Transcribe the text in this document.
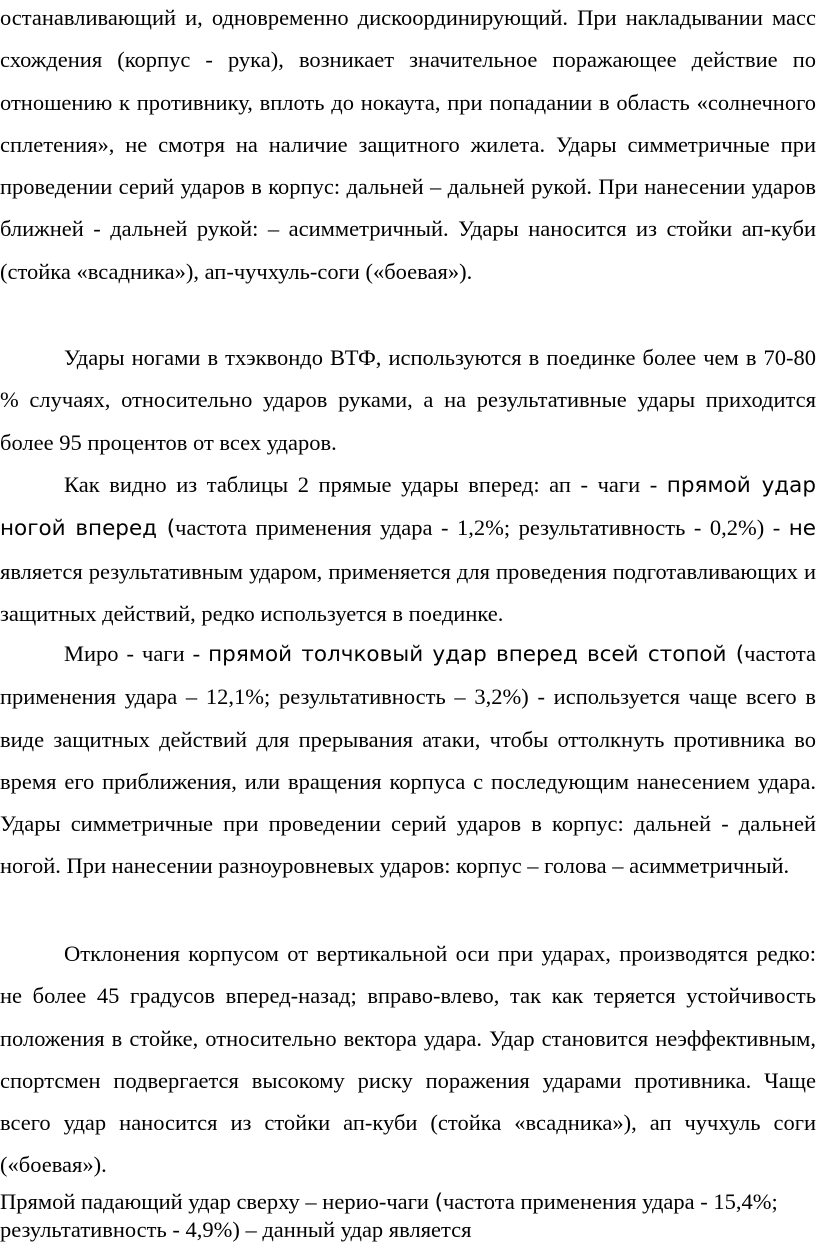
останавливающий и, одновременно дискоординирующий. При накладывании масс схождения (корпус - рука), возникает значительное поражающее действие по отношению к противнику, вплоть до нокаута, при попадании в область «солнечного сплетения», не смотря на наличие защитного жилета. Удары симметричные при проведении серий ударов в корпус: дальней – дальней рукой. При нанесении ударов ближней - дальней рукой: – асимметричный. Удары наносится из стойки ап-куби (стойка «всадника»), ап-чучхуль-соги («боевая»).

Удары ногами в тхэквондо ВТФ, используются в поединке более чем в 70-80 % случаях, относительно ударов руками, а на результативные удары приходится более 95 процентов от всех ударов.

Как видно из таблицы 2 прямые удары вперед: ап - чаги - прямой удар ногой вперед (частота применения удара - 1,2%; результативность - 0,2%) - не является результативным ударом, применяется для проведения подготавливающих и защитных действий, редко используется в поединке.

Миро - чаги - прямой толчковый удар вперед всей стопой (частота применения удара – 12,1%; результативность – 3,2%) - используется чаще всего в виде защитных действий для прерывания атаки, чтобы оттолкнуть противника во время его приближения, или вращения корпуса с последующим нанесением удара. Удары симметричные при проведении серий ударов в корпус: дальней - дальней ногой. При нанесении разноуровневых ударов: корпус – голова – асимметричный.

Отклонения корпусом от вертикальной оси при ударах, производятся редко: не более 45 градусов вперед-назад; вправо-влево, так как теряется устойчивость положения в стойке, относительно вектора удара. Удар становится неэффективным, спортсмен подвергается высокому риску поражения ударами противника. Чаще всего удар наносится из стойки ап-куби (стойка «всадника»), ап чучхуль соги («боевая»).

Прямой падающий удар сверху – нерио-чаги (частота применения удара - 15,4%; результативность - 4,9%) – данный удар является
